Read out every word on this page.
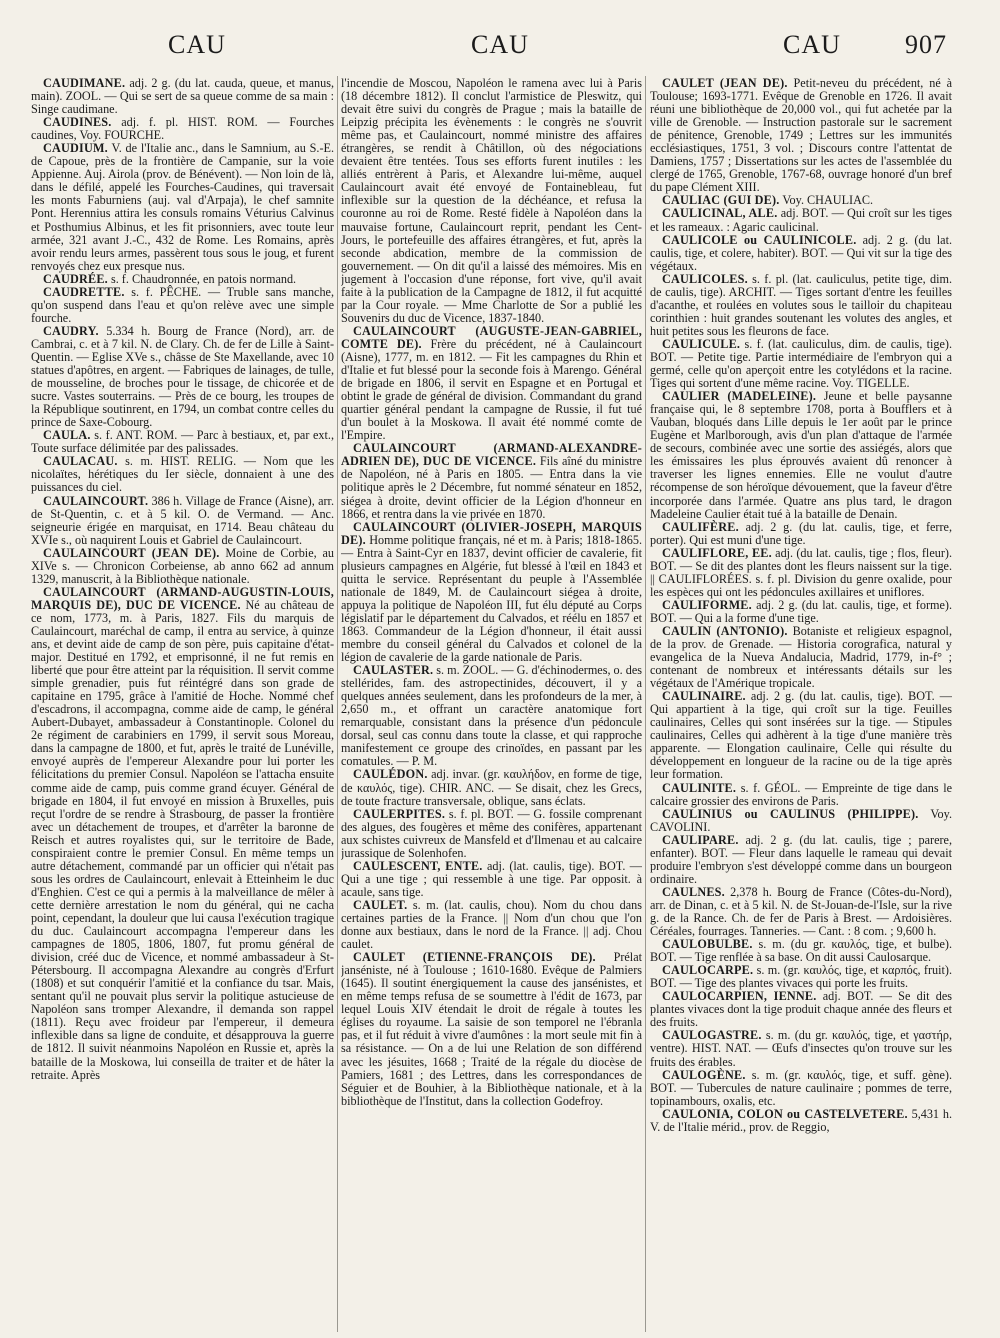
CAU	CAU	CAU 907

CAUDIMANE. adj. 2 g. (du lat. cauda, queue, et manus, main). ZOOL. — Qui se sert de sa queue comme de sa main : Singe caudimane.

CAUDINES. adj. f. pl. HIST. ROM. — Fourches caudines, Voy. FOURCHE.

CAUDIUM. V. de l'Italie anc., dans le Samnium, au S.-E. de Capoue, près de la frontière de Campanie, sur la voie Appienne. Auj. Airola (prov. de Bénévent). — Non loin de là, dans le défilé, appelé les Fourches-Caudines, qui traversait les monts Faburniens (auj. val d'Arpaja), le chef samnite Pont. Herennius attira les consuls romains Véturius Calvinus et Posthumius Albinus, et les fit prisonniers, avec toute leur armée, 321 avant J.-C., 432 de Rome. Les Romains, après avoir rendu leurs armes, passèrent tous sous le joug, et furent renvoyés chez eux presque nus.

CAUDRÉE. s. f. Chaudronnée, en patois normand.

CAUDRETTE. s. f. PÊCHE. — Truble sans manche, qu'on suspend dans l'eau et qu'on relève avec une simple fourche.

CAUDRY. 5.334 h. Bourg de France (Nord), arr. de Cambrai, c. et à 7 kil. N. de Clary. Ch. de fer de Lille à Saint-Quentin. — Eglise XVe s., châsse de Ste Maxellande, avec 10 statues d'apôtres, en argent. — Fabriques de lainages, de tulle, de mousseline, de broches pour le tissage, de chicorée et de sucre. Vastes souterrains. — Près de ce bourg, les troupes de la République soutinrent, en 1794, un combat contre celles du prince de Saxe-Cobourg.

CAULA. s. f. ANT. ROM. — Parc à bestiaux, et, par ext., Toute surface délimitée par des palissades.

CAULACAU. s. m. HIST. RELIG. — Nom que les nicolaïtes, hérétiques du Ier siècle, donnaient à une des puissances du ciel.

CAULAINCOURT. 386 h. Village de France (Aisne), arr. de St-Quentin, c. et à 5 kil. O. de Vermand. — Anc. seigneurie érigée en marquisat, en 1714. Beau château du XVIe s., où naquirent Louis et Gabriel de Caulaincourt.

CAULAINCOURT (JEAN DE). Moine de Corbie, au XIVe s. — Chronicon Corbeiense, ab anno 662 ad annum 1329, manuscrit, à la Bibliothèque nationale.

CAULAINCOURT (ARMAND-AUGUSTIN-LOUIS, MARQUIS DE), DUC DE VICENCE. Né au château de ce nom, 1773, m. à Paris, 1827. Fils du marquis de Caulaincourt, maréchal de camp, il entra au service, à quinze ans, et devint aide de camp de son père, puis capitaine d'état-major. Destitué en 1792, et emprisonné, il ne fut remis en liberté que pour être atteint par la réquisition. Il servit comme simple grenadier, puis fut réintégré dans son grade de capitaine en 1795, grâce à l'amitié de Hoche. Nommé chef d'escadrons, il accompagna, comme aide de camp, le général Aubert-Dubayet, ambassadeur à Constantinople. Colonel du 2e régiment de carabiniers en 1799, il servit sous Moreau, dans la campagne de 1800, et fut, après le traité de Lunéville, envoyé auprès de l'empereur Alexandre pour lui porter les félicitations du premier Consul. Napoléon se l'attacha ensuite comme aide de camp, puis comme grand écuyer. Général de brigade en 1804, il fut envoyé en mission à Bruxelles, puis reçut l'ordre de se rendre à Strasbourg, de passer la frontière avec un détachement de troupes, et d'arrêter la baronne de Reisch et autres royalistes qui, sur le territoire de Bade, conspiraient contre le premier Consul. En même temps un autre détachement, commandé par un officier qui n'était pas sous les ordres de Caulaincourt, enlevait à Etteinheim le duc d'Enghien. C'est ce qui a permis à la malveillance de mêler à cette dernière arrestation le nom du général, qui ne cacha point, cependant, la douleur que lui causa l'exécution tragique du duc. Caulaincourt accompagna l'empereur dans les campagnes de 1805, 1806, 1807, fut promu général de division, créé duc de Vicence, et nommé ambassadeur à St-Pétersbourg. Il accompagna Alexandre au congrès d'Erfurt (1808) et sut conquérir l'amitié et la confiance du tsar. Mais, sentant qu'il ne pouvait plus servir la politique astucieuse de Napoléon sans tromper Alexandre, il demanda son rappel (1811). Reçu avec froideur par l'empereur, il demeura inflexible dans sa ligne de conduite, et désapprouva la guerre de 1812. Il suivit néanmoins Napoléon en Russie et, après la bataille de la Moskowa, lui conseilla de traiter et de hâter la retraite. Après

l'incendie de Moscou, Napoléon le ramena avec lui à Paris (18 décembre 1812). Il conclut l'armistice de Pleswitz, qui devait être suivi du congrès de Prague ; mais la bataille de Leipzig précipita les évènements : le congrès ne s'ouvrit même pas, et Caulaincourt, nommé ministre des affaires étrangères, se rendit à Châtillon, où des négociations devaient être tentées. Tous ses efforts furent inutiles : les alliés entrèrent à Paris, et Alexandre lui-même, auquel Caulaincourt avait été envoyé de Fontainebleau, fut inflexible sur la question de la déchéance, et refusa la couronne au roi de Rome. Resté fidèle à Napoléon dans la mauvaise fortune, Caulaincourt reprit, pendant les Cent-Jours, le portefeuille des affaires étrangères, et fut, après la seconde abdication, membre de la commission de gouvernement. — On dit qu'il a laissé des mémoires. Mis en jugement à l'occasion d'une réponse, fort vive, qu'il avait faite à la publication de la Campagne de 1812, il fut acquitté par la Cour royale. — Mme Charlotte de Sor a publié les Souvenirs du duc de Vicence, 1837-1840.

CAULAINCOURT (AUGUSTE-JEAN-GABRIEL, COMTE DE). Frère du précédent, né à Caulaincourt (Aisne), 1777, m. en 1812. — Fit les campagnes du Rhin et d'Italie et fut blessé pour la seconde fois à Marengo. Général de brigade en 1806, il servit en Espagne et en Portugal et obtint le grade de général de division. Commandant du grand quartier général pendant la campagne de Russie, il fut tué d'un boulet à la Moskowa. Il avait été nommé comte de l'Empire.

CAULAINCOURT (ARMAND-ALEXANDRE-ADRIEN DE), DUC DE VICENCE. Fils aîné du ministre de Napoléon, né à Paris en 1805. — Entra dans la vie politique après le 2 Décembre, fut nommé sénateur en 1852, siégea à droite, devint officier de la Légion d'honneur en 1866, et rentra dans la vie privée en 1870.

CAULAINCOURT (OLIVIER-JOSEPH, MARQUIS DE). Homme politique français, né et m. à Paris; 1818-1865. — Entra à Saint-Cyr en 1837, devint officier de cavalerie, fit plusieurs campagnes en Algérie, fut blessé à l'œil en 1843 et quitta le service. Représentant du peuple à l'Assemblée nationale de 1849, M. de Caulaincourt siégea à droite, appuya la politique de Napoléon III, fut élu député au Corps législatif par le département du Calvados, et réélu en 1857 et 1863. Commandeur de la Légion d'honneur, il était aussi membre du conseil général du Calvados et colonel de la légion de cavalerie de la garde nationale de Paris.

CAULASTER. s. m. ZOOL. — G. d'échinodermes, o. des stellérides, fam. des astropectinides, découvert, il y a quelques années seulement, dans les profondeurs de la mer, à 2,650 m., et offrant un caractère anatomique fort remarquable, consistant dans la présence d'un pédoncule dorsal, seul cas connu dans toute la classe, et qui rapproche manifestement ce groupe des crinoïdes, en passant par les comatules. — P. M.

CAULÉDON. adj. invar. (gr. καυλήδον, en forme de tige, de καυλός, tige). CHIR. ANC. — Se disait, chez les Grecs, de toute fracture transversale, oblique, sans éclats.

CAULERPITES. s. f. pl. BOT. — G. fossile comprenant des algues, des fougères et même des conifères, appartenant aux schistes cuivreux de Mansfeld et d'Ilmenau et au calcaire jurassique de Solenhofen.

CAULESCENT, ENTE. adj. (lat. caulis, tige). BOT. — Qui a une tige ; qui ressemble à une tige. Par opposit. à acaule, sans tige.

CAULET. s. m. (lat. caulis, chou). Nom du chou dans certaines parties de la France. || Nom d'un chou que l'on donne aux bestiaux, dans le nord de la France. || adj. Chou caulet.

CAULET (ETIENNE-FRANÇOIS DE). Prélat janséniste, né à Toulouse ; 1610-1680. Evêque de Palmiers (1645). Il soutint énergiquement la cause des jansénistes, et en même temps refusa de se soumettre à l'édit de 1673, par lequel Louis XIV étendait le droit de régale à toutes les églises du royaume. La saisie de son temporel ne l'ébranla pas, et il fut réduit à vivre d'aumônes : la mort seule mit fin à sa résistance. — On a de lui une Relation de son différend avec les jésuites, 1668 ; Traité de la régale du diocèse de Pamiers, 1681 ; des Lettres, dans les correspondances de Séguier et de Bouhier, à la Bibliothèque nationale, et à la bibliothèque de l'Institut, dans la collection Godefroy.

CAULET (JEAN DE). Petit-neveu du précédent, né à Toulouse; 1693-1771. Evêque de Grenoble en 1726. Il avait réuni une bibliothèque de 20,000 vol., qui fut achetée par la ville de Grenoble. — Instruction pastorale sur le sacrement de pénitence, Grenoble, 1749 ; Lettres sur les immunités ecclésiastiques, 1751, 3 vol. ; Discours contre l'attentat de Damiens, 1757 ; Dissertations sur les actes de l'assemblée du clergé de 1765, Grenoble, 1767-68, ouvrage honoré d'un bref du pape Clément XIII.

CAULIAC (GUI DE). Voy. CHAULIAC.

CAULICINAL, ALE. adj. BOT. — Qui croît sur les tiges et les rameaux. : Agaric caulicinal.

CAULICOLE ou CAULINICOLE. adj. 2 g. (du lat. caulis, tige, et colere, habiter). BOT. — Qui vit sur la tige des végétaux.

CAULICOLES. s. f. pl. (lat. cauliculus, petite tige, dim. de caulis, tige). ARCHIT. — Tiges sortant d'entre les feuilles d'acanthe, et roulées en volutes sous le tailloir du chapiteau corinthien : huit grandes soutenant les volutes des angles, et huit petites sous les fleurons de face.

CAULICULE. s. f. (lat. cauliculus, dim. de caulis, tige). BOT. — Petite tige. Partie intermédiaire de l'embryon qui a germé, celle qu'on aperçoit entre les cotylédons et la racine. Tiges qui sortent d'une même racine. Voy. TIGELLE.

CAULIER (MADELEINE). Jeune et belle paysanne française qui, le 8 septembre 1708, porta à Boufflers et à Vauban, bloqués dans Lille depuis le 1er août par le prince Eugène et Marlborough, avis d'un plan d'attaque de l'armée de secours, combinée avec une sortie des assiégés, alors que les émissaires les plus éprouvés avaient dû renoncer à traverser les lignes ennemies. Elle ne voulut d'autre récompense de son héroïque dévouement, que la faveur d'être incorporée dans l'armée. Quatre ans plus tard, le dragon Madeleine Caulier était tué à la bataille de Denain.

CAULIFÈRE. adj. 2 g. (du lat. caulis, tige, et ferre, porter). Qui est muni d'une tige.

CAULIFLORE, EE. adj. (du lat. caulis, tige ; flos, fleur). BOT. — Se dit des plantes dont les fleurs naissent sur la tige. || CAULIFLORÉES. s. f. pl. Division du genre oxalide, pour les espèces qui ont les pédoncules axillaires et uniflores.

CAULIFORME. adj. 2 g. (du lat. caulis, tige, et forme). BOT. — Qui a la forme d'une tige.

CAULIN (ANTONIO). Botaniste et religieux espagnol, de la prov. de Grenade. — Historia corografica, natural y evangelica de la Nueva Andalucia, Madrid, 1779, in-f° ; contenant de nombreux et intéressants détails sur les végétaux de l'Amérique tropicale.

CAULINAIRE. adj. 2 g. (du lat. caulis, tige). BOT. — Qui appartient à la tige, qui croît sur la tige. Feuilles caulinaires, Celles qui sont insérées sur la tige. — Stipules caulinaires, Celles qui adhèrent à la tige d'une manière très apparente. — Elongation caulinaire, Celle qui résulte du développement en longueur de la racine ou de la tige après leur formation.

CAULINITE. s. f. GÉOL. — Empreinte de tige dans le calcaire grossier des environs de Paris.

CAULINIUS ou CAULINUS (PHILIPPE). Voy. CAVOLINI.

CAULIPARE. adj. 2 g. (du lat. caulis, tige ; parere, enfanter). BOT. — Fleur dans laquelle le rameau qui devait produire l'embryon s'est développé comme dans un bourgeon ordinaire.

CAULNES. 2,378 h. Bourg de France (Côtes-du-Nord), arr. de Dinan, c. et à 5 kil. N. de St-Jouan-de-l'Isle, sur la rive g. de la Rance. Ch. de fer de Paris à Brest. — Ardoisières. Céréales, fourrages. Tanneries. — Cant. : 8 com. ; 9,600 h.

CAULOBULBE. s. m. (du gr. καυλός, tige, et bulbe). BOT. — Tige renflée à sa base. On dit aussi Caulosarque.

CAULOCARPE. s. m. (gr. καυλός, tige, et καρπός, fruit). BOT. — Tige des plantes vivaces qui porte les fruits.

CAULOCARPIEN, IENNE. adj. BOT. — Se dit des plantes vivaces dont la tige produit chaque année des fleurs et des fruits.

CAULOGASTRE. s. m. (du gr. καυλός, tige, et γαστήρ, ventre). HIST. NAT. — Œufs d'insectes qu'on trouve sur les fruits des érables.

CAULOGÈNE. s. m. (gr. καυλός, tige, et suff. gène). BOT. — Tubercules de nature caulinaire ; pommes de terre, topinambours, oxalis, etc.

CAULONIA, COLON ou CASTELVETERE. 5,431 h. V. de l'Italie mérid., prov. de Reggio,
